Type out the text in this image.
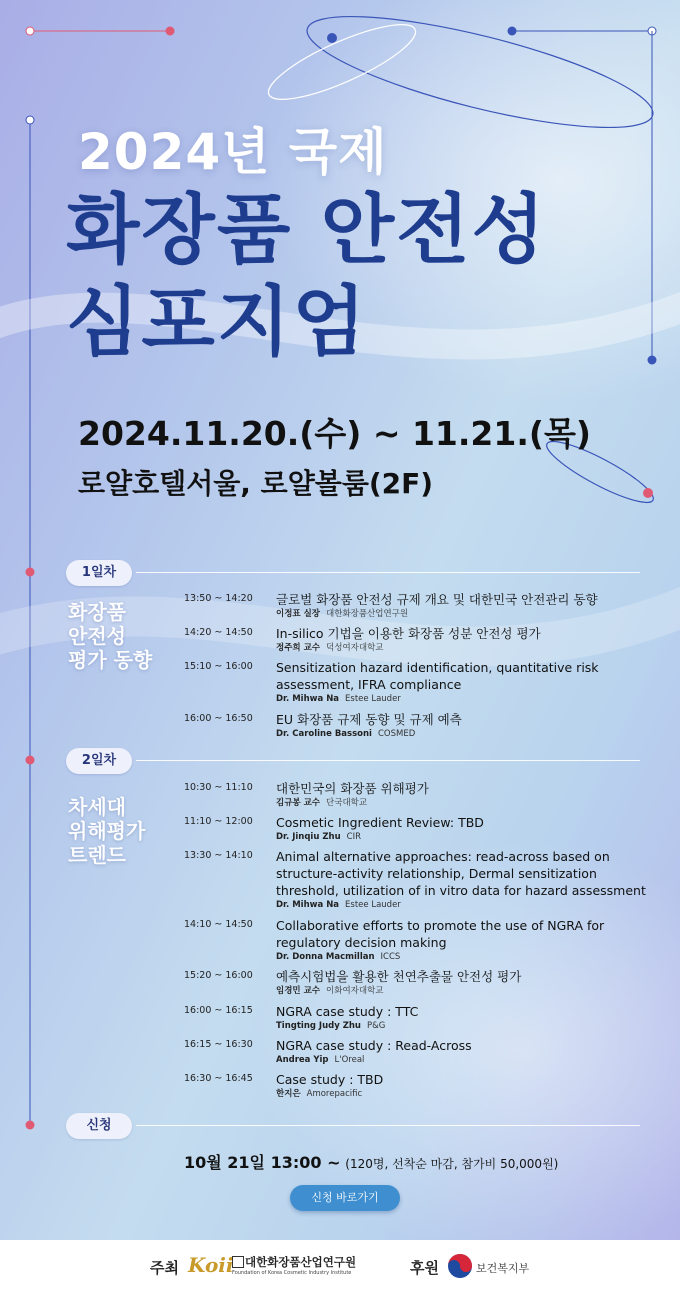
2024년 국제
화장품 안전성
심포지엄
2024.11.20.(수) ~ 11.21.(목)
로얄호텔서울, 로얄볼룸(2F)
1일차
화장품
안전성
평가 동향
13:50 ~ 14:20	글로벌 화장품 안전성 규제 개요 및 대한민국 안전관리 동향
이정표 실장 대한화장품산업연구원
14:20 ~ 14:50	In-silico 기법을 이용한 화장품 성분 안전성 평가
정주희 교수 덕성여자대학교
15:10 ~ 16:00	Sensitization hazard identification, quantitative risk assessment, IFRA compliance
Dr. Mihwa Na Estee Lauder
16:00 ~ 16:50	EU 화장품 규제 동향 및 규제 예측
Dr. Caroline Bassoni COSMED
2일차
차세대
위해평가
트렌드
10:30 ~ 11:10	대한민국의 화장품 위해평가
김규봉 교수 단국대학교
11:10 ~ 12:00	Cosmetic Ingredient Review: TBD
Dr. Jinqiu Zhu CIR
13:30 ~ 14:10	Animal alternative approaches: read-across based on structure-activity relationship, Dermal sensitization threshold, utilization of in vitro data for hazard assessment
Dr. Mihwa Na Estee Lauder
14:10 ~ 14:50	Collaborative efforts to promote the use of NGRA for regulatory decision making
Dr. Donna Macmillan ICCS
15:20 ~ 16:00	예측시험법을 활용한 천연추출물 안전성 평가
임경민 교수 이화여자대학교
16:00 ~ 16:15	NGRA case study : TTC
Tingting Judy Zhu P&G
16:15 ~ 16:30	NGRA case study : Read-Across
Andrea Yip L'Oreal
16:30 ~ 16:45	Case study : TBD
한지은 Amorepacific
신청
10월 21일 13:00 ~ (120명, 선착순 마감, 참가비 50,000원)
신청 바로가기
주최 Koii 대한화장품산업연구원
Foundation of Korea Cosmetic Industry Institute	후원	보건복지부
